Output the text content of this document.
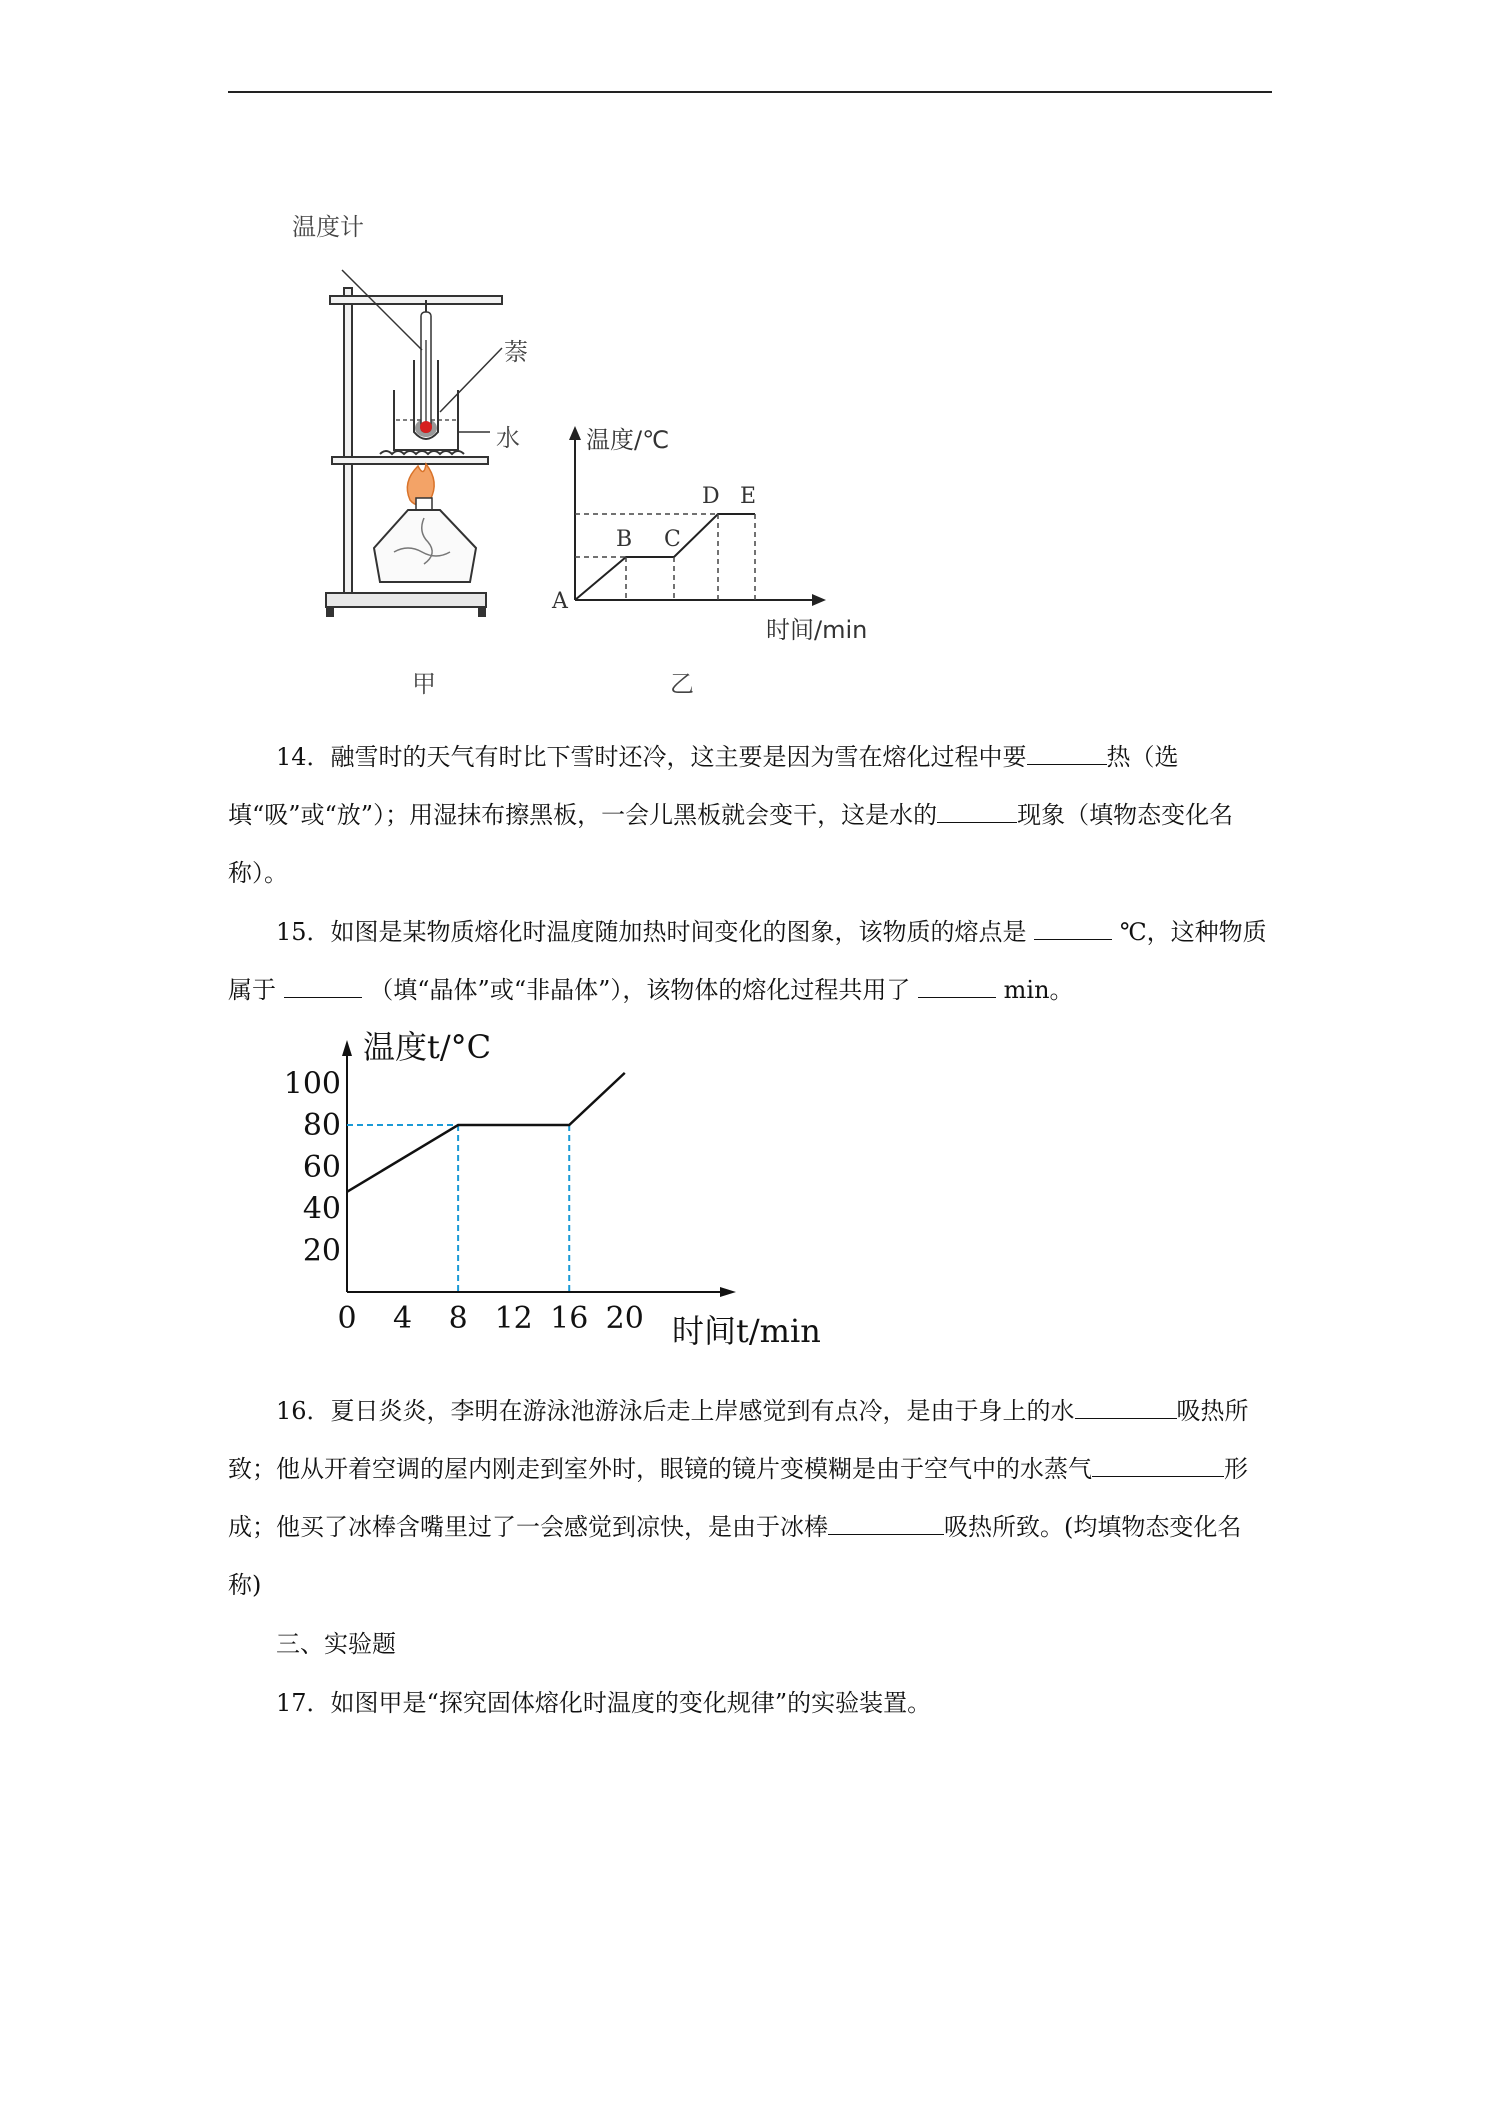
温度计
萘
水
甲
温度/℃
时间/min
A
B C
D E
乙

14．融雪时的天气有时比下雪时还冷，这主要是因为雪在熔化过程中要	热（选填“吸”或“放”）；用湿抹布擦黑板，一会儿黑板就会变干，这是水的	现象（填物态变化名称）。

15．如图是某物质熔化时温度随加热时间变化的图象，该物质的熔点是	℃，这种物质属于	（填“晶体”或“非晶体”），该物体的熔化过程共用了	min。

0 4 8 12 16 20
20
40
60
80
100
温度t/°C
时间t/min

16．夏日炎炎，李明在游泳池游泳后走上岸感觉到有点冷，是由于身上的水	吸热所致；他从开着空调的屋内刚走到室外时，眼镜的镜片变模糊是由于空气中的水蒸气	形成；他买了冰棒含嘴里过了一会感觉到凉快，是由于冰棒	吸热所致。(均填物态变化名称)

三、实验题

17．如图甲是“探究固体熔化时温度的变化规律”的实验装置。
